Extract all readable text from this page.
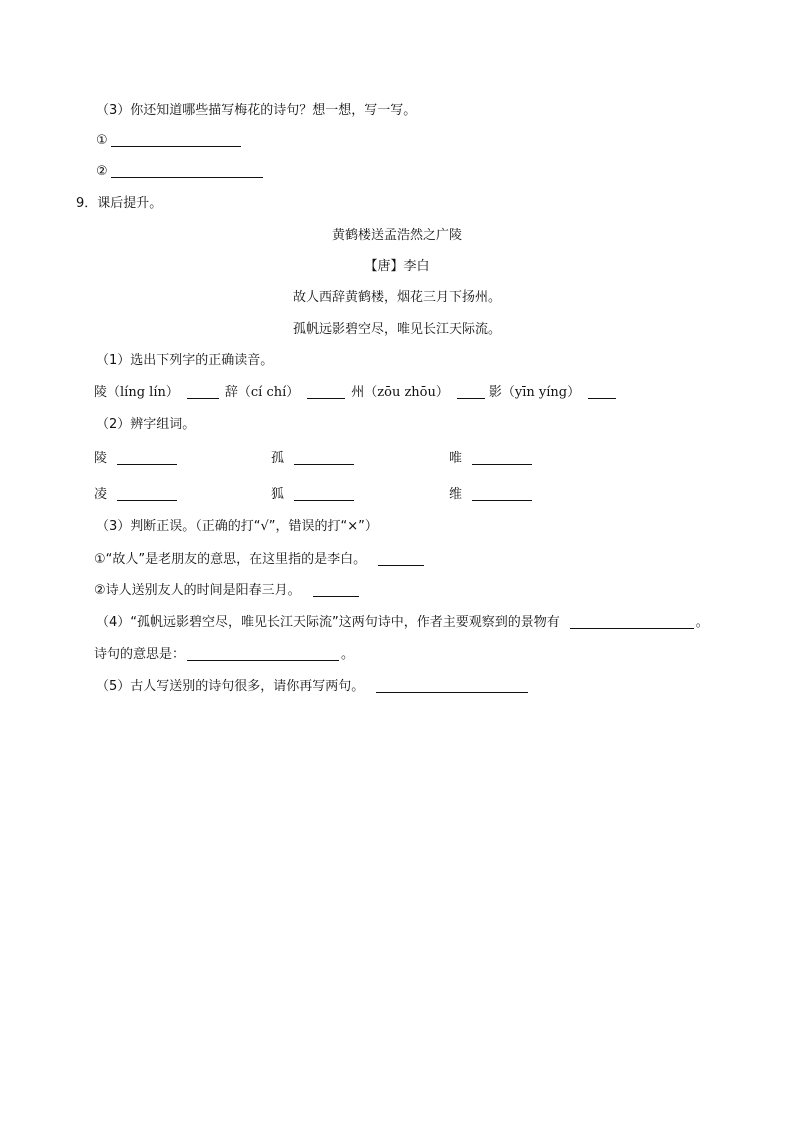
（3）你还知道哪些描写梅花的诗句？想一想，写一写。
①
②
9．课后提升。
黄鹤楼送孟浩然之广陵
【唐】李白
故人西辞黄鹤楼，烟花三月下扬州。
孤帆远影碧空尽，唯见长江天际流。
（1）选出下列字的正确读音。
陵（líng lín）	辞（cí chí）	州（zōu zhōu）	影（yīn yíng）
（2）辨字组词。
陵	孤	唯
凌	狐	维
（3）判断正误。（正确的打“√”，错误的打“×”）
①“故人”是老朋友的意思，在这里指的是李白。
②诗人送别友人的时间是阳春三月。
（4）“孤帆远影碧空尽，唯见长江天际流”这两句诗中，作者主要观察到的景物有	。
诗句的意思是：	。
（5）古人写送别的诗句很多，请你再写两句。
